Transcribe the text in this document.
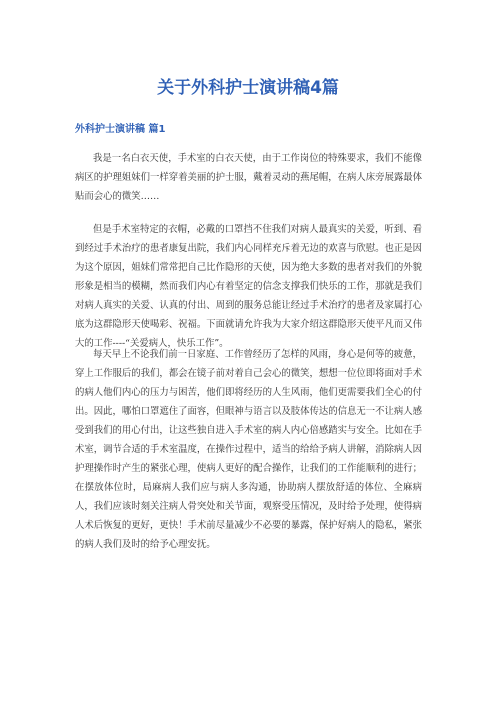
关于外科护士演讲稿4篇
外科护士演讲稿 篇1

我是一名白衣天使，手术室的白衣天使，由于工作岗位的特殊要求，我们不能像病区的护理姐妹们一样穿着美丽的护士服，戴着灵动的燕尾帽，在病人床旁展露最体贴而会心的微笑……

但是手术室特定的衣帽，必戴的口罩挡不住我们对病人最真实的关爱，听到、看到经过手术治疗的患者康复出院，我们内心同样充斥着无边的欢喜与欣慰。也正是因为这个原因，姐妹们常常把自己比作隐形的天使，因为绝大多数的患者对我们的外貌形象是相当的模糊，然而我们内心有着坚定的信念支撑我们快乐的工作，那就是我们对病人真实的关爱、认真的付出、周到的服务总能让经过手术治疗的患者及家属打心底为这群隐形天使喝彩、祝福。下面就请允许我为大家介绍这群隐形天使平凡而又伟大的工作----“关爱病人，快乐工作”。

每天早上不论我们前一日家庭、工作曾经历了怎样的风雨，身心是何等的疲惫，穿上工作服后的我们，都会在镜子前对着自己会心的微笑，想想一位位即将面对手术的病人他们内心的压力与困苦，他们即将经历的人生风雨，他们更需要我们全心的付出。因此，哪怕口罩遮住了面容，但眼神与语言以及肢体传达的信息无一不让病人感受到我们的用心付出，让这些独自进入手术室的病人内心倍感踏实与安全。比如在手术室，调节合适的手术室温度，在操作过程中，适当的给给予病人讲解，消除病人因护理操作时产生的紧张心理，使病人更好的配合操作，让我们的工作能顺利的进行；在摆放体位时，局麻病人我们应与病人多沟通，协助病人摆放舒适的体位、全麻病人，我们应该时刻关注病人骨突处和关节面，观察受压情况，及时给予处理，使得病人术后恢复的更好，更快！手术前尽量减少不必要的暴露，保护好病人的隐私，紧张的病人我们及时的给予心理安抚。
